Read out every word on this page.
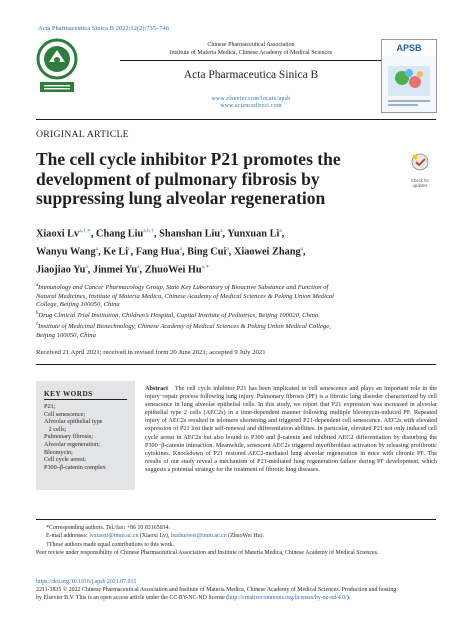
Acta Pharmaceutica Sinica B 2022;12(2):735–746
Chinese Pharmaceutical Association
Institute of Materia Medica, Chinese Academy of Medical Sciences
Acta Pharmaceutica Sinica B
www.elsevier.com/locate/apsb
www.sciencedirect.com
APSB
ORIGINAL ARTICLE
The cell cycle inhibitor P21 promotes the
development of pulmonary fibrosis by
suppressing lung alveolar regeneration
Check for updates
Xiaoxi $Lv^{a,\dagger,∗}$, Chang Liu$^{a,b,\dagger}$, Shanshan Liu$^a$, Yunxuan Li$^a$,
Wanyu Wang$^a$, Ke Li$^c$, Fang Hua$^a$, Bing Cui$^a$, Xiaowei Zhang$^a$,
Jiaojiao Yu$^a$, Jinmei Yu$^a$, ZhuoWei $Hu^{a,∗}$
$^a$Immunology and Cancer Pharmacology Group, State Key Laboratory of Bioactive Substance and Function of
Natural Medicines, Institute of Materia Medica, Chinese Academy of Medical Sciences & Peking Union Medical
College, Beijing 100050, China
$^b$Drug Clinical Trial Institution, Children’s Hospital, Capital Institute of Pediatrics, Beijing 100020, China
$^c$Institute of Medicinal Biotechnology, Chinese Academy of Medical Sciences & Peking Union Medical College,
Beijing 100050, China
Received 21 April 2021; received in revised form 20 June 2021; accepted 9 July 2021
KEY WORDS
P21;
Cell senescence;
Alveolar epithelial type
2 cells;
Pulmonary fibrosis;
Alveolar regeneration;
Bleomycin;
Cell cycle arrest;
P300–β-catenin complex
Abstract The cell cycle inhibitor P21 has been implicated in cell senescence and plays an important role in the injury−repair process following lung injury. Pulmonary fibrosis (PF) is a fibrotic lung disorder characterized by cell senescence in lung alveolar epithelial cells. In this study, we report that P21 expression was increased in alveolar epithelial type 2 cells (AEC2s) in a time-dependent manner following multiple bleomycin-induced PF. Repeated injury of AEC2s resulted in telomere shortening and triggered P21-dependent cell senescence. AEC2s with elevated expression of P21 lost their self-renewal and differentiation abilities. In particular, elevated P21 not only induced cell cycle arrest in AEC2s but also bound to P300 and β-catenin and inhibited AEC2 differentiation by disturbing the P300−β-catenin interaction. Meanwhile, senescent AEC2s triggered myofibroblast activation by releasing profibrotic cytokines. Knockdown of P21 restored AEC2-mediated lung alveolar regeneration in mice with chronic PF. The results of our study reveal a mechanism of P21-mediated lung regeneration failure during PF development, which suggests a potential strategy for the treatment of fibrotic lung diseases.
*Corresponding authors. Tel./fax: +86 10 83165034.
E-mail addresses: lvxiaoxi@imm.ac.cn (Xiaoxi Lv), huzhuowei@imm.ac.cn (ZhuoWei Hu).
†These authors made equal contributions to this work.
Peer review under responsibility of Chinese Pharmaceutical Association and Institute of Materia Medica, Chinese Academy of Medical Sciences.
https://doi.org/10.1016/j.apsb.2021.07.015
2211-3835 © 2022 Chinese Pharmaceutical Association and Institute of Materia Medica, Chinese Academy of Medical Sciences. Production and hosting
by Elsevier B.V. This is an open access article under the CC BY-NC-ND license (http://creativecommons.org/licenses/by-nc-nd/4.0/).
